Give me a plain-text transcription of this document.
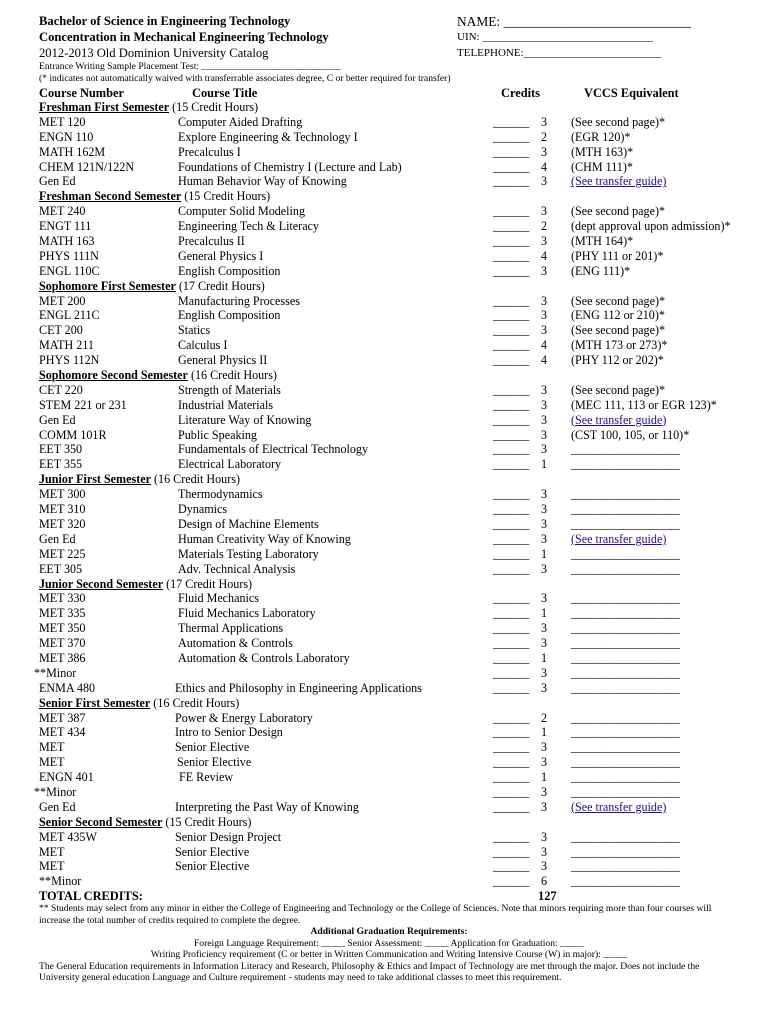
Bachelor of Science in Engineering Technology
Concentration in Mechanical Engineering Technology
2012-2013 Old Dominion University Catalog
NAME: ____________________________
UIN: _______________________________
TELEPHONE:_________________________
Entrance Writing Sample Placement Test: _____________________________
(* indicates not automatically waived with transferrable associates degree, C or better required for transfer)
Course Number	Course Title	Credits	VCCS Equivalent
Freshman First Semester (15 Credit Hours)
MET 120	Computer Aided Drafting	______ 3 (See second page)*
ENGN 110	Explore Engineering & Technology I	______ 2 (EGR 120)*
MATH 162M	Precalculus I	______ 3 (MTH 163)*
CHEM 121N/122N	Foundations of Chemistry I (Lecture and Lab)	______ 4 (CHM 111)*
Gen Ed	Human Behavior Way of Knowing	______ 3 (See transfer guide)
Freshman Second Semester (15 Credit Hours)
MET 240	Computer Solid Modeling	______ 3 (See second page)*
ENGT 111	Engineering Tech & Literacy	______ 2 (dept approval upon admission)*
MATH 163	Precalculus II	______ 3 (MTH 164)*
PHYS 111N	General Physics I	______ 4 (PHY 111 or 201)*
ENGL 110C	English Composition	______ 3 (ENG 111)*
Sophomore First Semester (17 Credit Hours)
MET 200	Manufacturing Processes	______ 3 (See second page)*
ENGL 211C	English Composition	______ 3 (ENG 112 or 210)*
CET 200	Statics	______ 3 (See second page)*
MATH 211	Calculus I	______ 4 (MTH 173 or 273)*
PHYS 112N	General Physics II	______ 4 (PHY 112 or 202)*
Sophomore Second Semester (16 Credit Hours)
CET 220	Strength of Materials	______ 3 (See second page)*
STEM 221 or 231	Industrial Materials	______ 3 (MEC 111, 113 or EGR 123)*
Gen Ed	Literature Way of Knowing	______ 3 (See transfer guide)
COMM 101R	Public Speaking	______ 3 (CST 100, 105, or 110)*
EET 350	Fundamentals of Electrical Technology	______ 3 __________________
EET 355	Electrical Laboratory	______ 1 __________________
Junior First Semester (16 Credit Hours)
MET 300	Thermodynamics	______ 3 __________________
MET 310	Dynamics	______ 3 __________________
MET 320	Design of Machine Elements	______ 3 __________________
Gen Ed	Human Creativity Way of Knowing	______ 3 (See transfer guide)
MET 225	Materials Testing Laboratory	______ 1 __________________
EET 305	Adv. Technical Analysis	______ 3 __________________
Junior Second Semester (17 Credit Hours)
MET 330	Fluid Mechanics	______ 3 __________________
MET 335	Fluid Mechanics Laboratory	______ 1 __________________
MET 350	Thermal Applications	______ 3 __________________
MET 370	Automation & Controls	______ 3 __________________
MET 386	Automation & Controls Laboratory	______ 1 __________________
**Minor	______ 3 __________________
ENMA 480	Ethics and Philosophy in Engineering Applications	______ 3 __________________
Senior First Semester (16 Credit Hours)
MET 387	Power & Energy Laboratory	______ 2 __________________
MET 434	Intro to Senior Design	______ 1 __________________
MET	Senior Elective	______ 3 __________________
MET	Senior Elective	______ 3 __________________
ENGN 401	FE Review	______ 1 __________________
**Minor	______ 3 __________________
Gen Ed	Interpreting the Past Way of Knowing	______ 3 (See transfer guide)
Senior Second Semester (15 Credit Hours)
MET 435W	Senior Design Project	______ 3 __________________
MET	Senior Elective	______ 3 __________________
MET	Senior Elective	______ 3 __________________
**Minor	______ 6 __________________
TOTAL CREDITS:	127
** Students may select from any minor in either the College of Engineering and Technology or the College of Sciences. Note that minors requiring more than four courses will increase the total number of credits required to complete the degree.
Additional Graduation Requirements:
Foreign Language Requirement: _____ Senior Assessment: _____ Application for Graduation: _____
Writing Proficiency requirement (C or better in Written Communication and Writing Intensive Course (W) in major): _____
The General Education requirements in Information Literacy and Research, Philosophy & Ethics and Impact of Technology are met through the major. Does not include the University general education Language and Culture requirement - students may need to take additional classes to meet this requirement.
